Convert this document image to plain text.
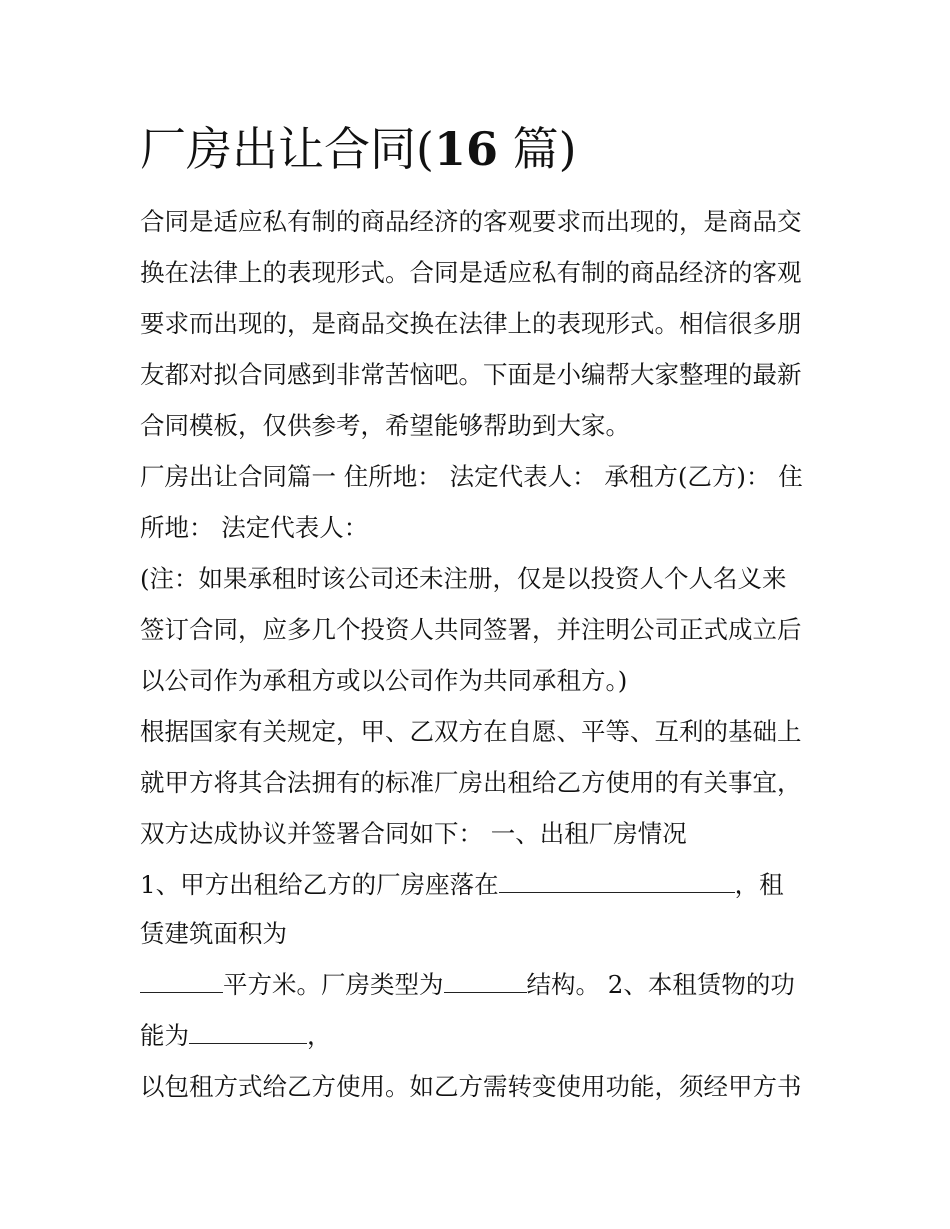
厂房出让合同(16 篇)
合同是适应私有制的商品经济的客观要求而出现的，是商品交
换在法律上的表现形式。合同是适应私有制的商品经济的客观
要求而出现的，是商品交换在法律上的表现形式。相信很多朋
友都对拟合同感到非常苦恼吧。下面是小编帮大家整理的最新
合同模板，仅供参考，希望能够帮助到大家。
厂房出让合同篇一 住所地： 法定代表人： 承租方(乙方)： 住
所地： 法定代表人：
(注：如果承租时该公司还未注册，仅是以投资人个人名义来
签订合同，应多几个投资人共同签署，并注明公司正式成立后
以公司作为承租方或以公司作为共同承租方。)
根据国家有关规定，甲、乙双方在自愿、平等、互利的基础上
就甲方将其合法拥有的标准厂房出租给乙方使用的有关事宜，
双方达成协议并签署合同如下： 一、出租厂房情况
1、甲方出租给乙方的厂房座落在	，租
赁建筑面积为
平方米。厂房类型为	结构。 2、本租赁物的功
能为	，
以包租方式给乙方使用。如乙方需转变使用功能，须经甲方书
